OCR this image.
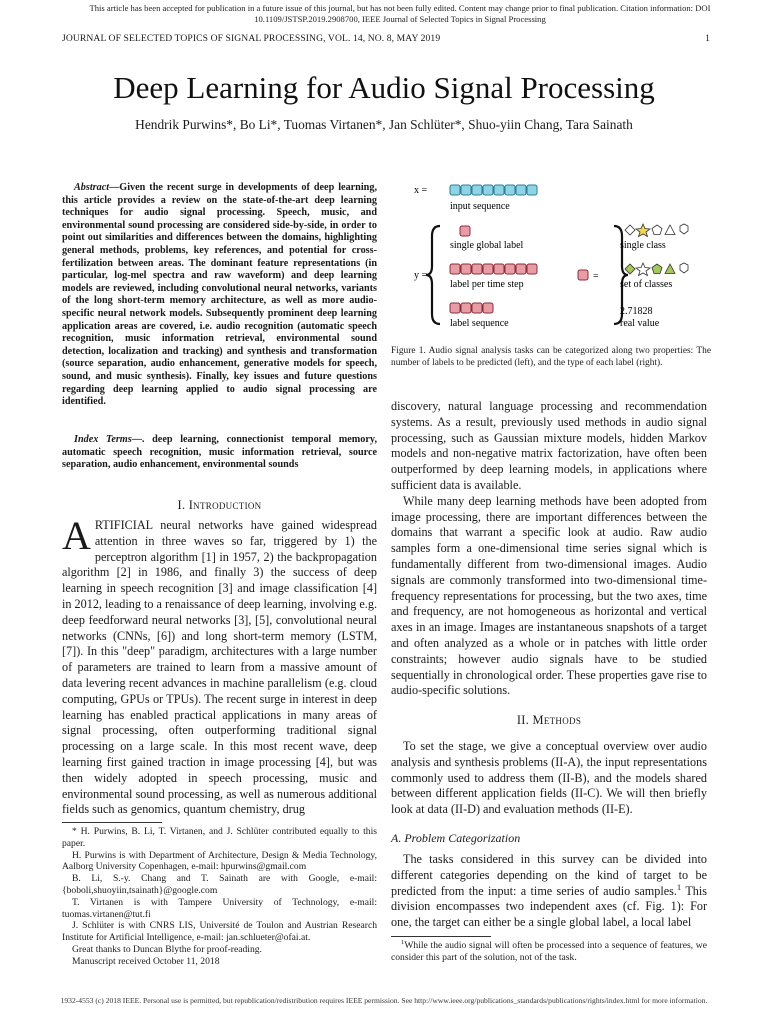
This article has been accepted for publication in a future issue of this journal, but has not been fully edited. Content may change prior to final publication. Citation information: DOI 10.1109/JSTSP.2019.2908700, IEEE Journal of Selected Topics in Signal Processing
JOURNAL OF SELECTED TOPICS OF SIGNAL PROCESSING, VOL. 14, NO. 8, MAY 2019	1
Deep Learning for Audio Signal Processing
Hendrik Purwins*, Bo Li*, Tuomas Virtanen*, Jan Schlüter*, Shuo-yiin Chang, Tara Sainath
Abstract—Given the recent surge in developments of deep learning, this article provides a review on the state-of-the-art deep learning techniques for audio signal processing. Speech, music, and environmental sound processing are considered side-by-side, in order to point out similarities and differences between the domains, highlighting general methods, problems, key references, and potential for cross-fertilization between areas. The dominant feature representations (in particular, log-mel spectra and raw waveform) and deep learning models are reviewed, including convolutional neural networks, variants of the long short-term memory architecture, as well as more audio-specific neural network models. Subsequently prominent deep learning application areas are covered, i.e. audio recognition (automatic speech recognition, music information retrieval, environmental sound detection, localization and tracking) and synthesis and transformation (source separation, audio enhancement, generative models for speech, sound, and music synthesis). Finally, key issues and future questions regarding deep learning applied to audio signal processing are identified.
Index Terms—. deep learning, connectionist temporal memory, automatic speech recognition, music information retrieval, source separation, audio enhancement, environmental sounds
I. Introduction
ARTIFICIAL neural networks have gained widespread attention in three waves so far, triggered by 1) the perceptron algorithm [1] in 1957, 2) the backpropagation algorithm [2] in 1986, and finally 3) the success of deep learning in speech recognition [3] and image classification [4] in 2012, leading to a renaissance of deep learning, involving e.g. deep feedforward neural networks [3], [5], convolutional neural networks (CNNs, [6]) and long short-term memory (LSTM, [7]). In this "deep" paradigm, architectures with a large number of parameters are trained to learn from a massive amount of data levering recent advances in machine parallelism (e.g. cloud computing, GPUs or TPUs). The recent surge in interest in deep learning has enabled practical applications in many areas of signal processing, often outperforming traditional signal processing on a large scale. In this most recent wave, deep learning first gained traction in image processing [4], but was then widely adopted in speech processing, music and environmental sound processing, as well as numerous additional fields such as genomics, quantum chemistry, drug

* H. Purwins, B. Li, T. Virtanen, and J. Schlüter contributed equally to this paper.

H. Purwins is with Department of Architecture, Design & Media Technology, Aalborg University Copenhagen, e-mail: hpurwins@gmail.com

B. Li, S.-y. Chang and T. Sainath are with Google, e-mail: {boboli,shuoyiin,tsainath}@google.com

T. Virtanen is with Tampere University of Technology, e-mail: tuomas.virtanen@tut.fi

J. Schlüter is with CNRS LIS, Université de Toulon and Austrian Research Institute for Artificial Intelligence, e-mail: jan.schlueter@ofai.at.

Great thanks to Duncan Blythe for proof-reading.

Manuscript received October 11, 2018

x =
input sequence
y =
single global label
label per time step
label sequence
=
single class
set of classes
2.71828
real value
Figure 1. Audio signal analysis tasks can be categorized along two properties: The number of labels to be predicted (left), and the type of each label (right).

discovery, natural language processing and recommendation systems. As a result, previously used methods in audio signal processing, such as Gaussian mixture models, hidden Markov models and non-negative matrix factorization, have often been outperformed by deep learning models, in applications where sufficient data is available.

While many deep learning methods have been adopted from image processing, there are important differences between the domains that warrant a specific look at audio. Raw audio samples form a one-dimensional time series signal which is fundamentally different from two-dimensional images. Audio signals are commonly transformed into two-dimensional time-frequency representations for processing, but the two axes, time and frequency, are not homogeneous as horizontal and vertical axes in an image. Images are instantaneous snapshots of a target and often analyzed as a whole or in patches with little order constraints; however audio signals have to be studied sequentially in chronological order. These properties gave rise to audio-specific solutions.

II. Methods

To set the stage, we give a conceptual overview over audio analysis and synthesis problems (II-A), the input representations commonly used to address them (II-B), and the models shared between different application fields (II-C). We will then briefly look at data (II-D) and evaluation methods (II-E).

A. Problem Categorization

The tasks considered in this survey can be divided into different categories depending on the kind of target to be predicted from the input: a time series of audio samples.$^1$ This division encompasses two independent axes (cf. Fig. 1): For one, the target can either be a single global label, a local label

$^1$While the audio signal will often be processed into a sequence of features, we consider this part of the solution, not of the task.
1932-4553 (c) 2018 IEEE. Personal use is permitted, but republication/redistribution requires IEEE permission. See http://www.ieee.org/publications_standards/publications/rights/index.html for more information.
